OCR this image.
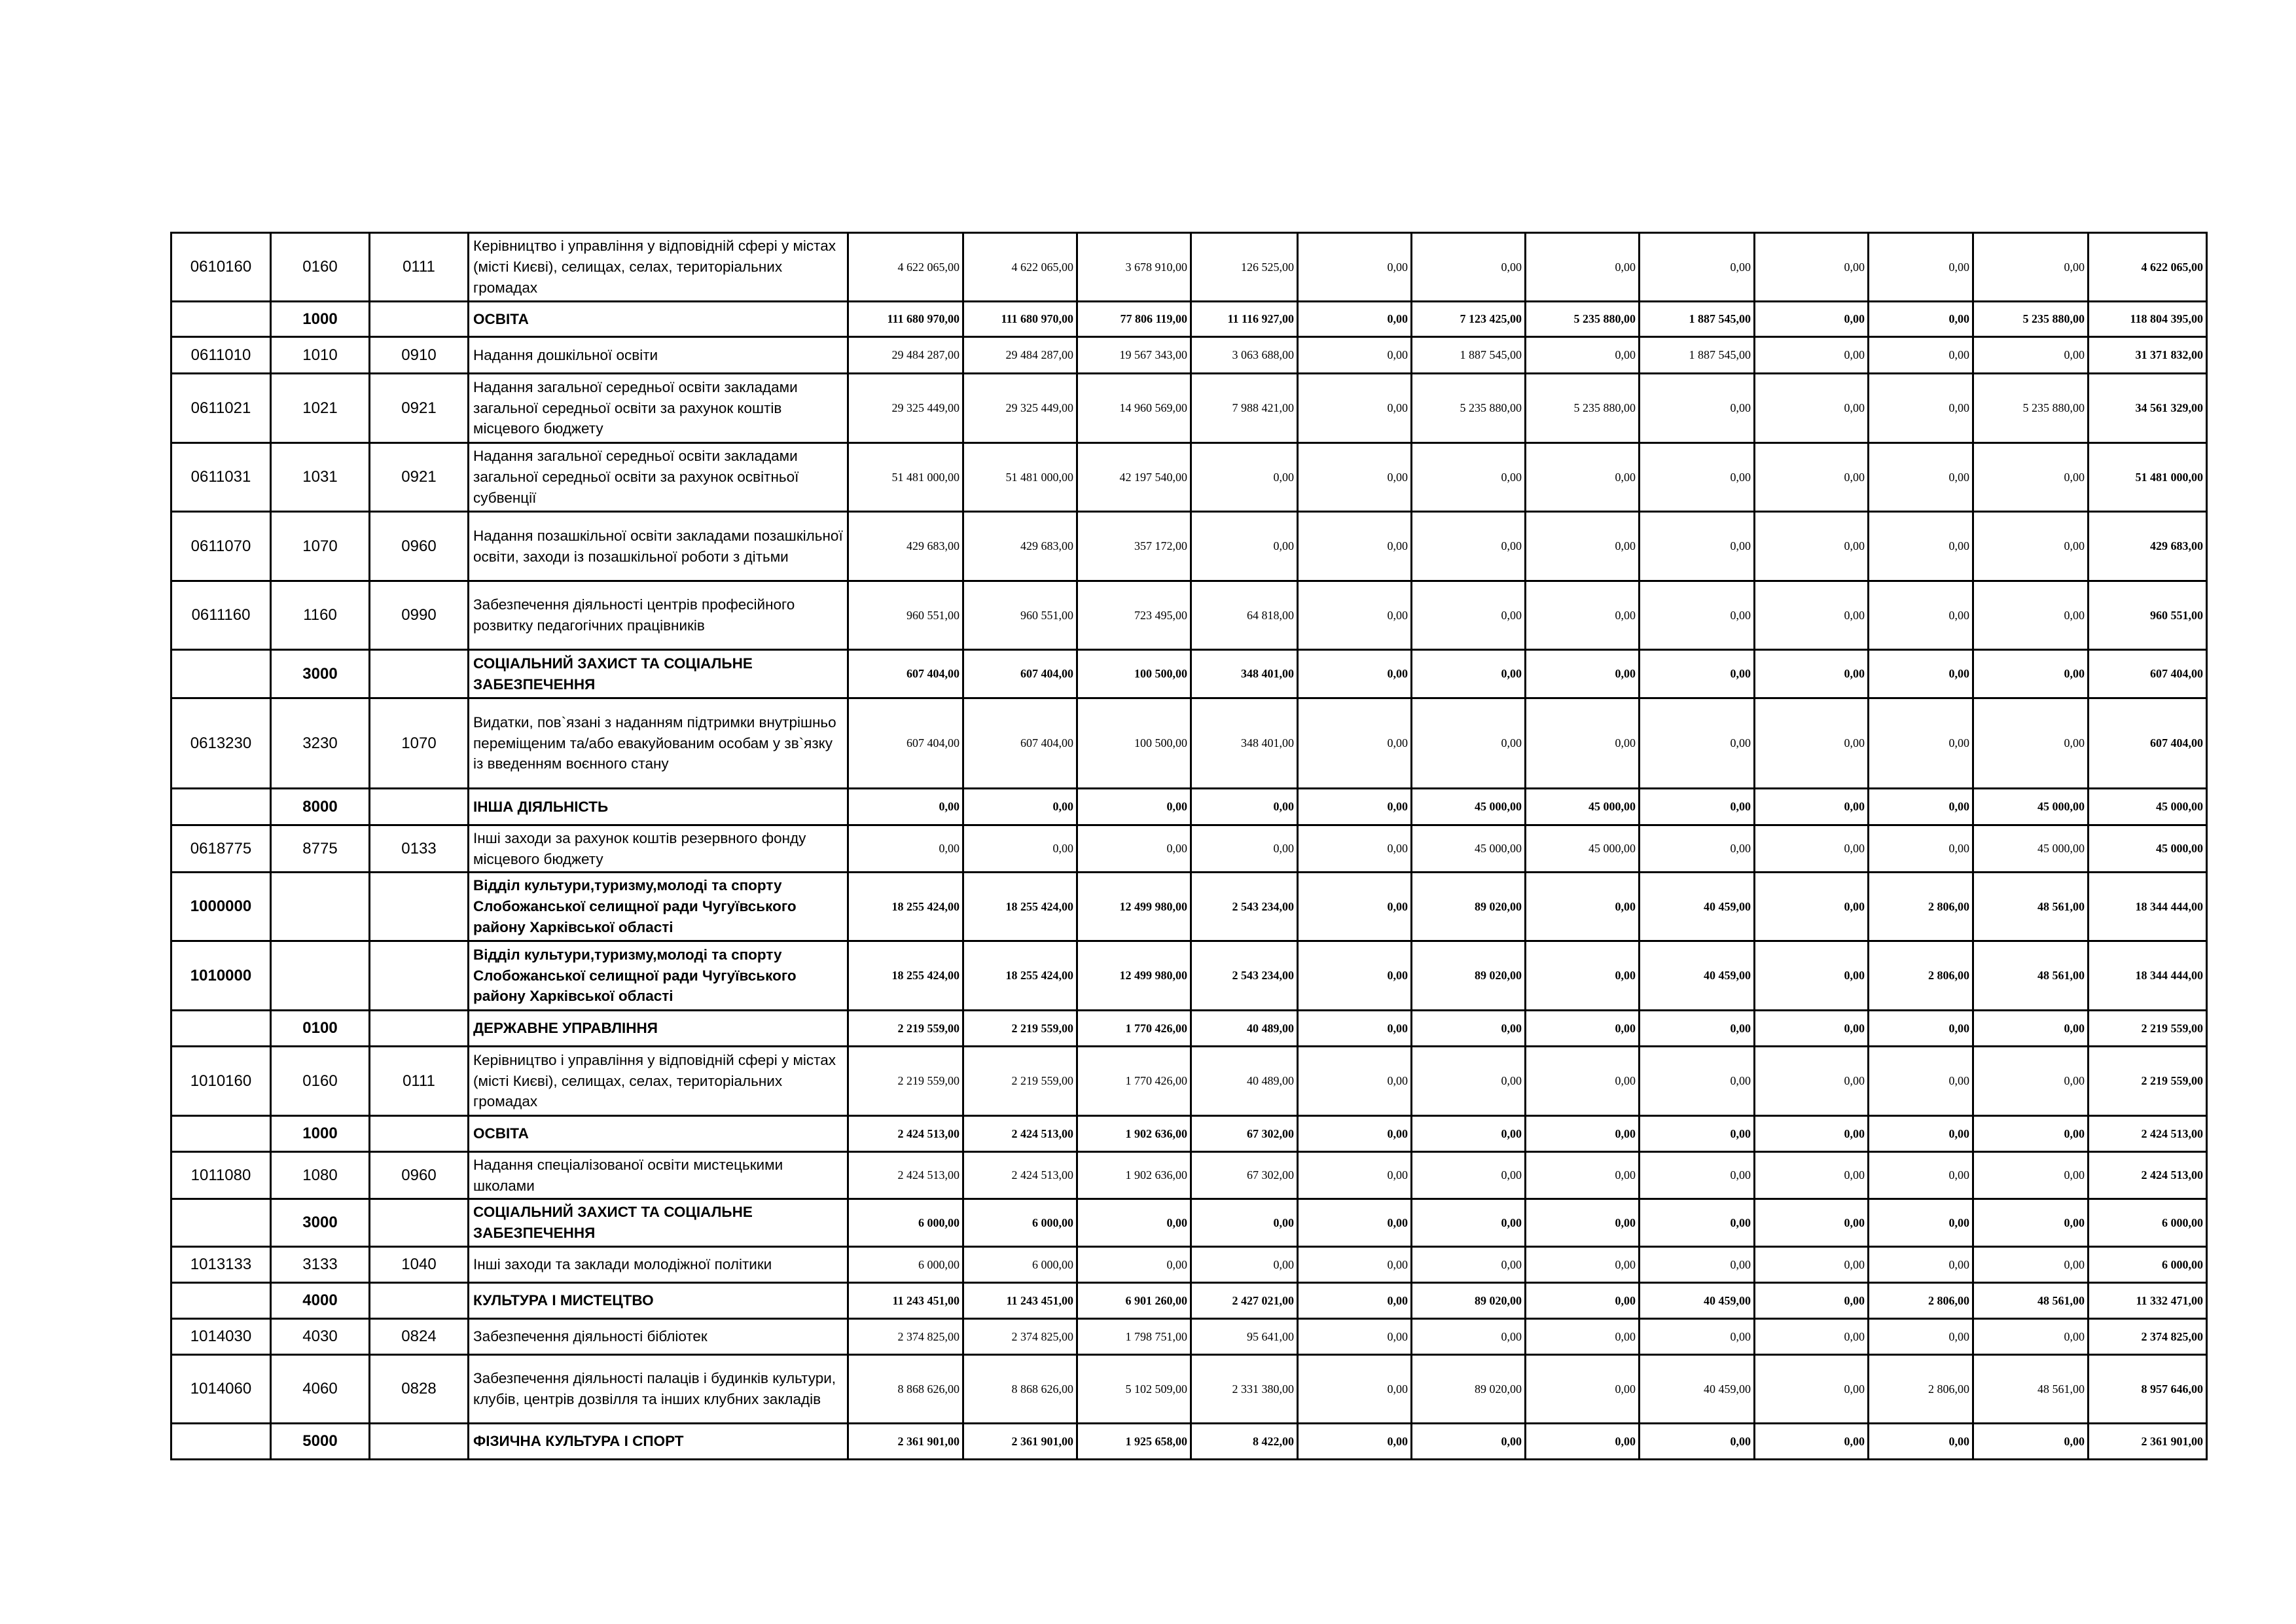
0610160	0160	0111	Керівництво і управління у відповідній сфері у містах (місті Києві), селищах, селах, територіальних громадах	4 622 065,00	4 622 065,00	3 678 910,00	126 525,00	0,00	0,00	0,00	0,00	0,00	0,00	0,00	4 622 065,00
	1000		ОСВІТА	111 680 970,00	111 680 970,00	77 806 119,00	11 116 927,00	0,00	7 123 425,00	5 235 880,00	1 887 545,00	0,00	0,00	5 235 880,00	118 804 395,00
0611010	1010	0910	Надання дошкільної освіти	29 484 287,00	29 484 287,00	19 567 343,00	3 063 688,00	0,00	1 887 545,00	0,00	1 887 545,00	0,00	0,00	0,00	31 371 832,00
0611021	1021	0921	Надання загальної середньої освіти закладами загальної середньої освіти за рахунок коштів місцевого бюджету	29 325 449,00	29 325 449,00	14 960 569,00	7 988 421,00	0,00	5 235 880,00	5 235 880,00	0,00	0,00	0,00	5 235 880,00	34 561 329,00
0611031	1031	0921	Надання загальної середньої освіти закладами загальної середньої освіти за рахунок освітньої субвенції	51 481 000,00	51 481 000,00	42 197 540,00	0,00	0,00	0,00	0,00	0,00	0,00	0,00	0,00	51 481 000,00
0611070	1070	0960	Надання позашкільної освіти закладами позашкільної освіти, заходи із позашкільної роботи з дітьми	429 683,00	429 683,00	357 172,00	0,00	0,00	0,00	0,00	0,00	0,00	0,00	0,00	429 683,00
0611160	1160	0990	Забезпечення діяльності центрів професійного розвитку педагогічних працівників	960 551,00	960 551,00	723 495,00	64 818,00	0,00	0,00	0,00	0,00	0,00	0,00	0,00	960 551,00
	3000		СОЦІАЛЬНИЙ ЗАХИСТ ТА СОЦІАЛЬНЕ ЗАБЕЗПЕЧЕННЯ	607 404,00	607 404,00	100 500,00	348 401,00	0,00	0,00	0,00	0,00	0,00	0,00	0,00	607 404,00
0613230	3230	1070	Видатки, пов`язані з наданням підтримки внутрішньо переміщеним та/або евакуйованим особам у зв`язку із введенням воєнного стану	607 404,00	607 404,00	100 500,00	348 401,00	0,00	0,00	0,00	0,00	0,00	0,00	0,00	607 404,00
	8000		ІНША ДІЯЛЬНІСТЬ	0,00	0,00	0,00	0,00	0,00	45 000,00	45 000,00	0,00	0,00	0,00	45 000,00	45 000,00
0618775	8775	0133	Інші заходи за рахунок коштів резервного фонду місцевого бюджету	0,00	0,00	0,00	0,00	0,00	45 000,00	45 000,00	0,00	0,00	0,00	45 000,00	45 000,00
1000000			Відділ культури,туризму,молоді та спорту Слобожанської селищної ради Чугуївського району Харківської області	18 255 424,00	18 255 424,00	12 499 980,00	2 543 234,00	0,00	89 020,00	0,00	40 459,00	0,00	2 806,00	48 561,00	18 344 444,00
1010000			Відділ культури,туризму,молоді та спорту Слобожанської селищної ради Чугуївського району Харківської області	18 255 424,00	18 255 424,00	12 499 980,00	2 543 234,00	0,00	89 020,00	0,00	40 459,00	0,00	2 806,00	48 561,00	18 344 444,00
	0100		ДЕРЖАВНЕ УПРАВЛІННЯ	2 219 559,00	2 219 559,00	1 770 426,00	40 489,00	0,00	0,00	0,00	0,00	0,00	0,00	0,00	2 219 559,00
1010160	0160	0111	Керівництво і управління у відповідній сфері у містах (місті Києві), селищах, селах, територіальних громадах	2 219 559,00	2 219 559,00	1 770 426,00	40 489,00	0,00	0,00	0,00	0,00	0,00	0,00	0,00	2 219 559,00
	1000		ОСВІТА	2 424 513,00	2 424 513,00	1 902 636,00	67 302,00	0,00	0,00	0,00	0,00	0,00	0,00	0,00	2 424 513,00
1011080	1080	0960	Надання спеціалізованої освіти мистецькими школами	2 424 513,00	2 424 513,00	1 902 636,00	67 302,00	0,00	0,00	0,00	0,00	0,00	0,00	0,00	2 424 513,00
	3000		СОЦІАЛЬНИЙ ЗАХИСТ ТА СОЦІАЛЬНЕ ЗАБЕЗПЕЧЕННЯ	6 000,00	6 000,00	0,00	0,00	0,00	0,00	0,00	0,00	0,00	0,00	0,00	6 000,00
1013133	3133	1040	Інші заходи та заклади молодіжної політики	6 000,00	6 000,00	0,00	0,00	0,00	0,00	0,00	0,00	0,00	0,00	0,00	6 000,00
	4000		КУЛЬТУРА І МИСТЕЦТВО	11 243 451,00	11 243 451,00	6 901 260,00	2 427 021,00	0,00	89 020,00	0,00	40 459,00	0,00	2 806,00	48 561,00	11 332 471,00
1014030	4030	0824	Забезпечення діяльності бібліотек	2 374 825,00	2 374 825,00	1 798 751,00	95 641,00	0,00	0,00	0,00	0,00	0,00	0,00	0,00	2 374 825,00
1014060	4060	0828	Забезпечення діяльності палаців і будинків культури, клубів, центрів дозвілля та інших клубних закладів	8 868 626,00	8 868 626,00	5 102 509,00	2 331 380,00	0,00	89 020,00	0,00	40 459,00	0,00	2 806,00	48 561,00	8 957 646,00
	5000		ФІЗИЧНА КУЛЬТУРА І СПОРТ	2 361 901,00	2 361 901,00	1 925 658,00	8 422,00	0,00	0,00	0,00	0,00	0,00	0,00	0,00	2 361 901,00
